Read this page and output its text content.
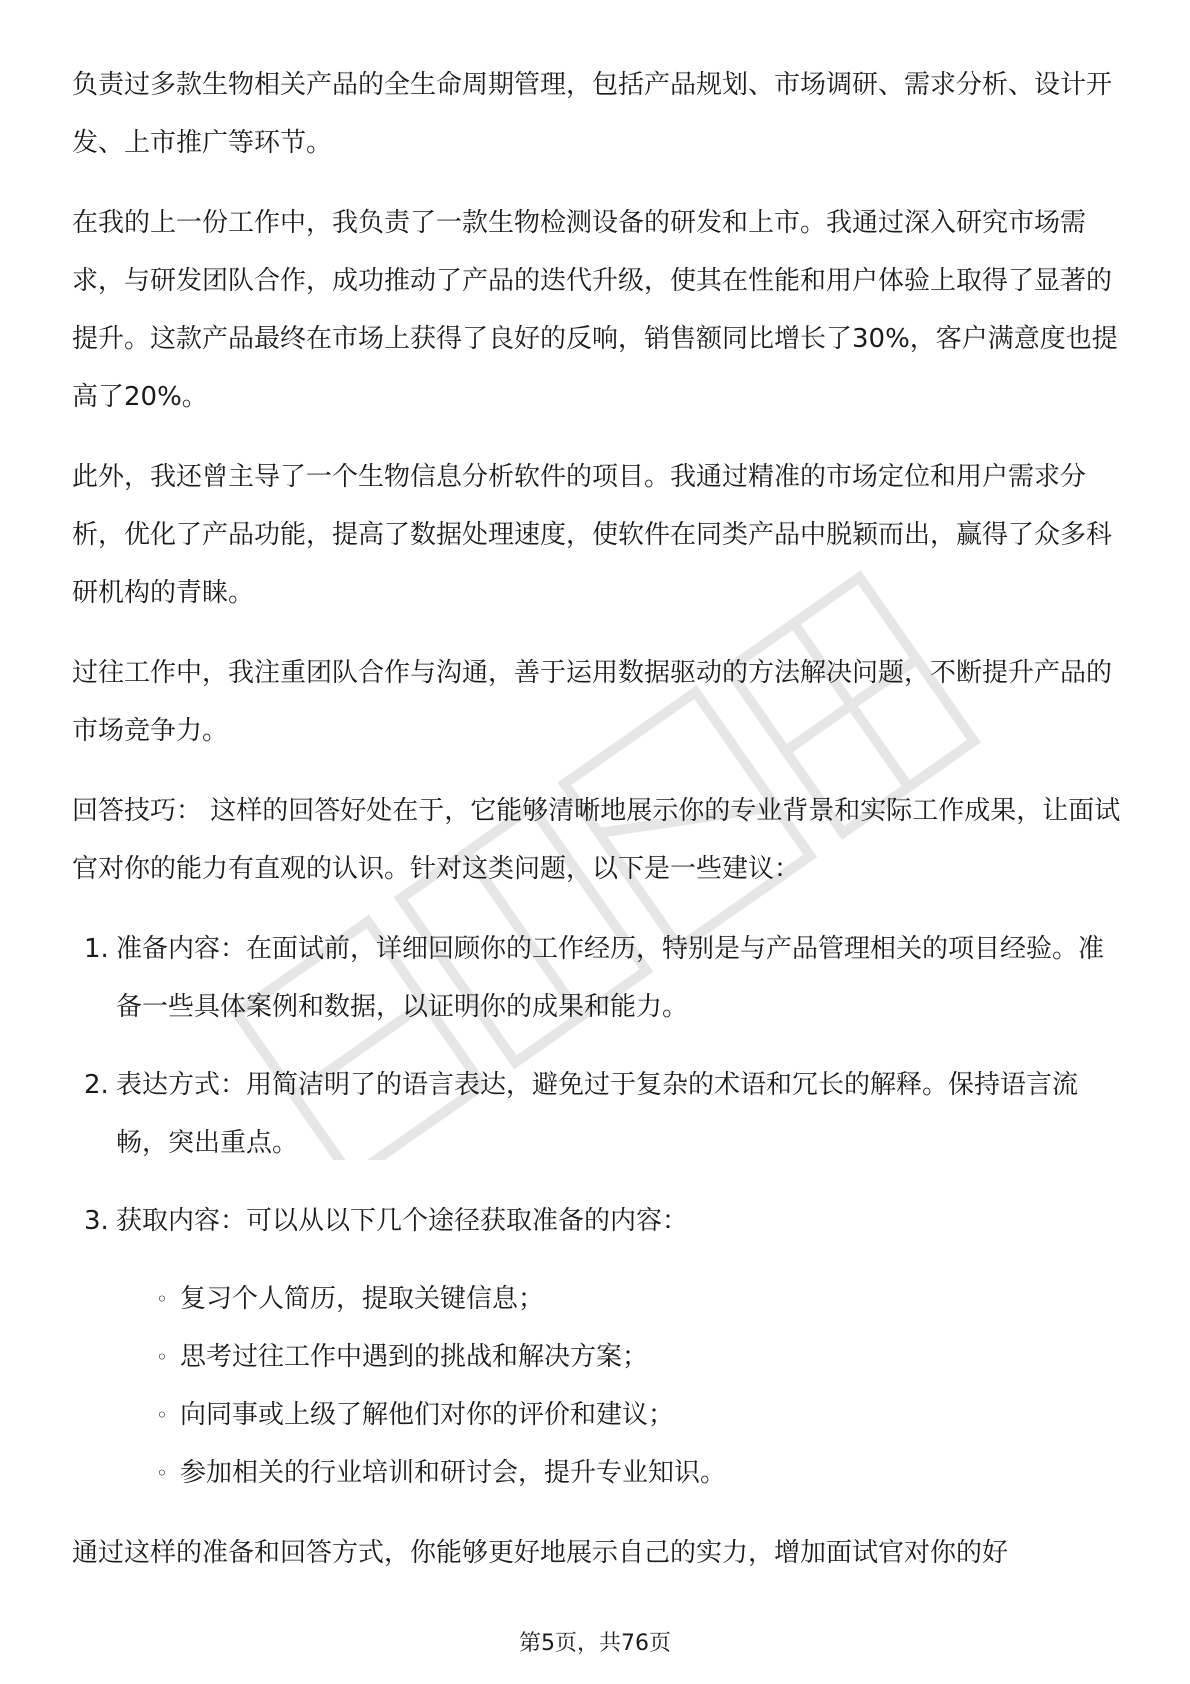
负责过多款生物相关产品的全生命周期管理，包括产品规划、市场调研、需求分析、设计开发、上市推广等环节。

在我的上一份工作中，我负责了一款生物检测设备的研发和上市。我通过深入研究市场需求，与研发团队合作，成功推动了产品的迭代升级，使其在性能和用户体验上取得了显著的提升。这款产品最终在市场上获得了良好的反响，销售额同比增长了30%，客户满意度也提高了20%。

此外，我还曾主导了一个生物信息分析软件的项目。我通过精准的市场定位和用户需求分析，优化了产品功能，提高了数据处理速度，使软件在同类产品中脱颖而出，赢得了众多科研机构的青睐。

过往工作中，我注重团队合作与沟通，善于运用数据驱动的方法解决问题，不断提升产品的市场竞争力。

回答技巧： 这样的回答好处在于，它能够清晰地展示你的专业背景和实际工作成果，让面试官对你的能力有直观的认识。针对这类问题，以下是一些建议：

1. 准备内容：在面试前，详细回顾你的工作经历，特别是与产品管理相关的项目经验。准备一些具体案例和数据，以证明你的成果和能力。
2. 表达方式：用简洁明了的语言表达，避免过于复杂的术语和冗长的解释。保持语言流畅，突出重点。
3. 获取内容：可以从以下几个途径获取准备的内容：
◦ 复习个人简历，提取关键信息；
◦ 思考过往工作中遇到的挑战和解决方案；
◦ 向同事或上级了解他们对你的评价和建议；
◦ 参加相关的行业培训和研讨会，提升专业知识。

通过这样的准备和回答方式，你能够更好地展示自己的实力，增加面试官对你的好

第5页，共76页
